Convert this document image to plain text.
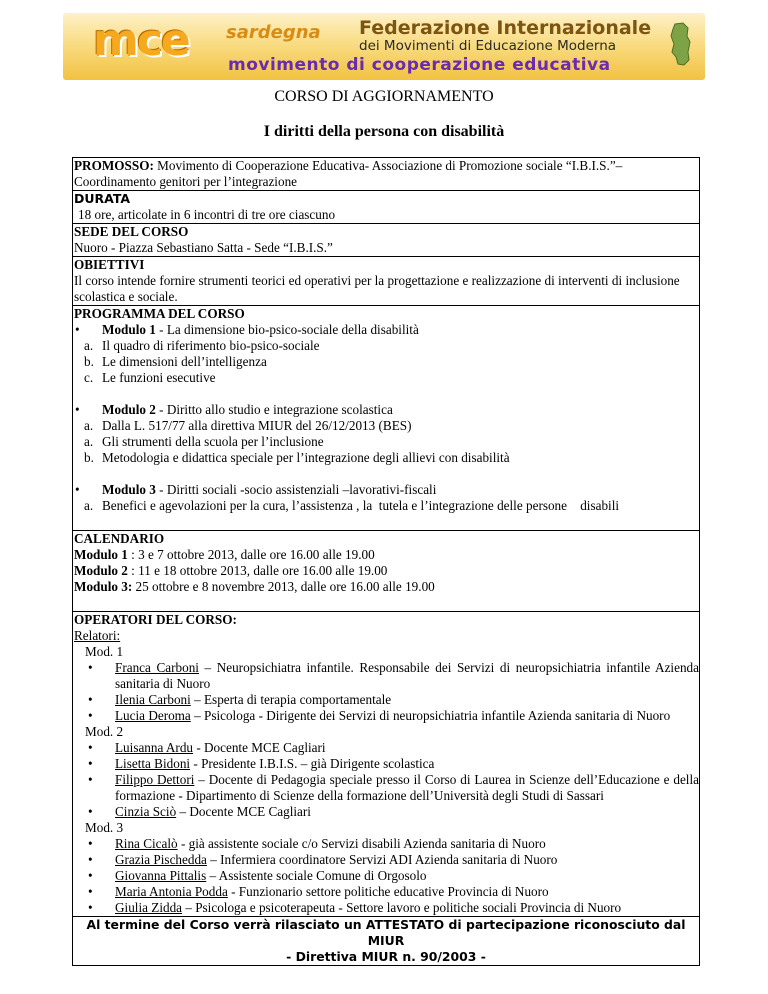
mce sardegna Federazione Internazionale
dei Movimenti di Educazione Moderna
movimento di cooperazione educativa
CORSO DI AGGIORNAMENTO
I diritti della persona con disabilità
PROMOSSO: Movimento di Cooperazione Educativa- Associazione di Promozione sociale “I.B.I.S.”– Coordinamento genitori per l’integrazione
DURATA
18 ore, articolate in 6 incontri di tre ore ciascuno
SEDE DEL CORSO
Nuoro - Piazza Sebastiano Satta - Sede “I.B.I.S.”
OBIETTIVI
Il corso intende fornire strumenti teorici ed operativi per la progettazione e realizzazione di interventi di inclusione scolastica e sociale.
PROGRAMMA DEL CORSO
• Modulo 1 - La dimensione bio-psico-sociale della disabilità
a. Il quadro di riferimento bio-psico-sociale
b. Le dimensioni dell’intelligenza
c. Le funzioni esecutive
• Modulo 2 - Diritto allo studio e integrazione scolastica
a. Dalla L. 517/77 alla direttiva MIUR del 26/12/2013 (BES)
a. Gli strumenti della scuola per l’inclusione
b. Metodologia e didattica speciale per l’integrazione degli allievi con disabilità
• Modulo 3 - Diritti sociali -socio assistenziali –lavorativi-fiscali
a. Benefici e agevolazioni per la cura, l’assistenza , la  tutela e l’integrazione delle persone    disabili
CALENDARIO
Modulo 1 : 3 e 7 ottobre 2013, dalle ore 16.00 alle 19.00
Modulo 2 : 11 e 18 ottobre 2013, dalle ore 16.00 alle 19.00
Modulo 3: 25 ottobre e 8 novembre 2013, dalle ore 16.00 alle 19.00
OPERATORI DEL CORSO:
Relatori:
Mod. 1
• Franca Carboni – Neuropsichiatra infantile. Responsabile dei Servizi di neuropsichiatria infantile Azienda sanitaria di Nuoro
• Ilenia Carboni – Esperta di terapia comportamentale
• Lucia Deroma – Psicologa - Dirigente dei Servizi di neuropsichiatria infantile Azienda sanitaria di Nuoro
Mod. 2
• Luisanna Ardu - Docente MCE Cagliari
• Lisetta Bidoni - Presidente I.B.I.S. – già Dirigente scolastica
• Filippo Dettori – Docente di Pedagogia speciale presso il Corso di Laurea in Scienze dell’Educazione e della formazione - Dipartimento di Scienze della formazione dell’Università degli Studi di Sassari
• Cinzia Sciò – Docente MCE Cagliari
Mod. 3
• Rina Cicalò - già assistente sociale c/o Servizi disabili Azienda sanitaria di Nuoro
• Grazia Pischedda – Infermiera coordinatore Servizi ADI Azienda sanitaria di Nuoro
• Giovanna Pittalis – Assistente sociale Comune di Orgosolo
• Maria Antonia Podda - Funzionario settore politiche educative Provincia di Nuoro
• Giulia Zidda – Psicologa e psicoterapeuta - Settore lavoro e politiche sociali Provincia di Nuoro
Al termine del Corso verrà rilasciato un ATTESTATO di partecipazione riconosciuto dal MIUR
- Direttiva MIUR n. 90/2003 -
